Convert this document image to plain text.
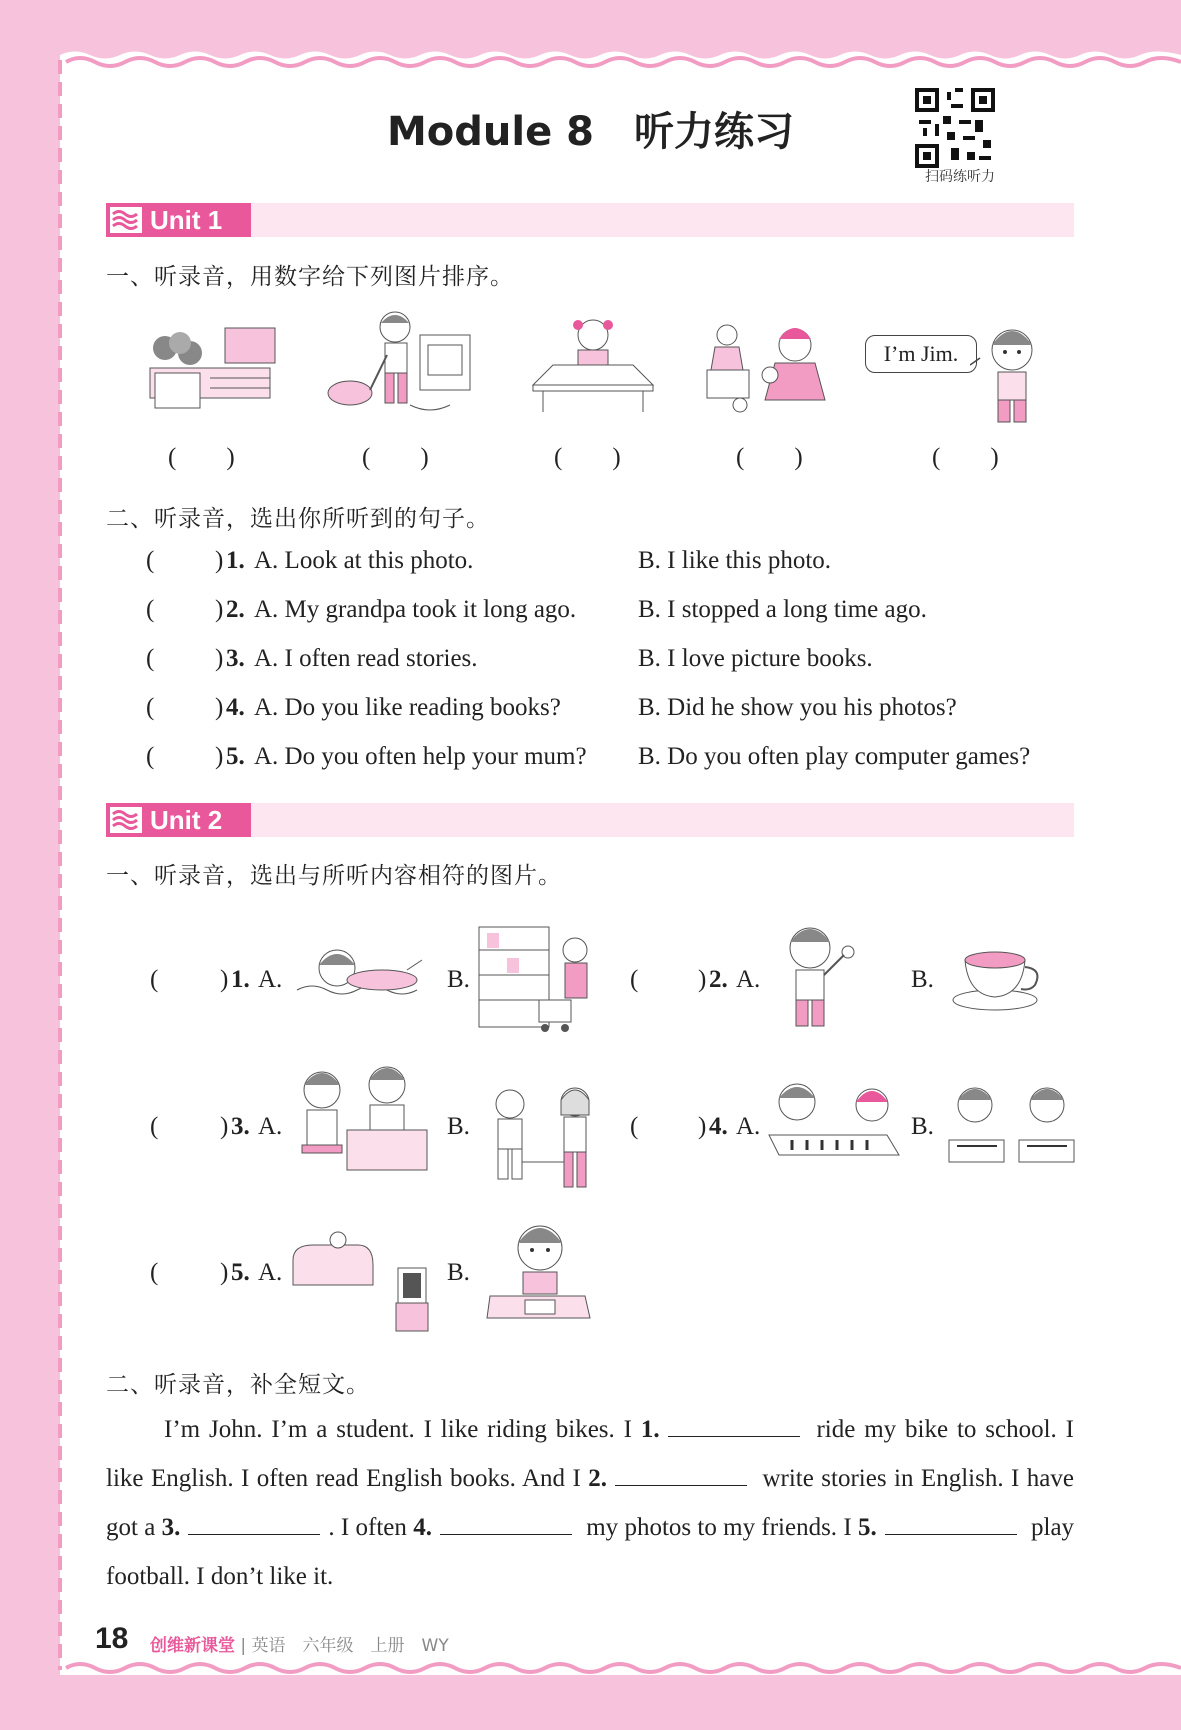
Module 8　听力练习
扫码练听力
Unit 1
一、听录音，用数字给下列图片排序。
I’m Jim.
(　　)	(　　)	(　　)	(　　)	(　　)
二、听录音，选出你所听到的句子。
( ) 1. A. Look at this photo.	B. I like this photo.
( ) 2. A. My grandpa took it long ago. B. I stopped a long time ago.
( ) 3. A. I often read stories.	B. I love picture books.
( ) 4. A. Do you like reading books?	B. Did he show you his photos?
( ) 5. A. Do you often help your mum? B. Do you often play computer games?
Unit 2
一、听录音，选出与所听内容相符的图片。
( ) 1. A.	B.	( ) 2. A.	B.
( ) 3. A.	B.	( ) 4. A.	B.
( ) 5. A.	B.
二、听录音，补全短文。
I’m John. I’m a student. I like riding bikes. I 1.	ride my bike to school. I like English. I often read English books. And I 2.	write stories in English. I have got a 3.	. I often 4.	my photos to my friends. I 5.	play football. I don’t like it.
18 创维新课堂 | 英语　六年级　上册　WY
